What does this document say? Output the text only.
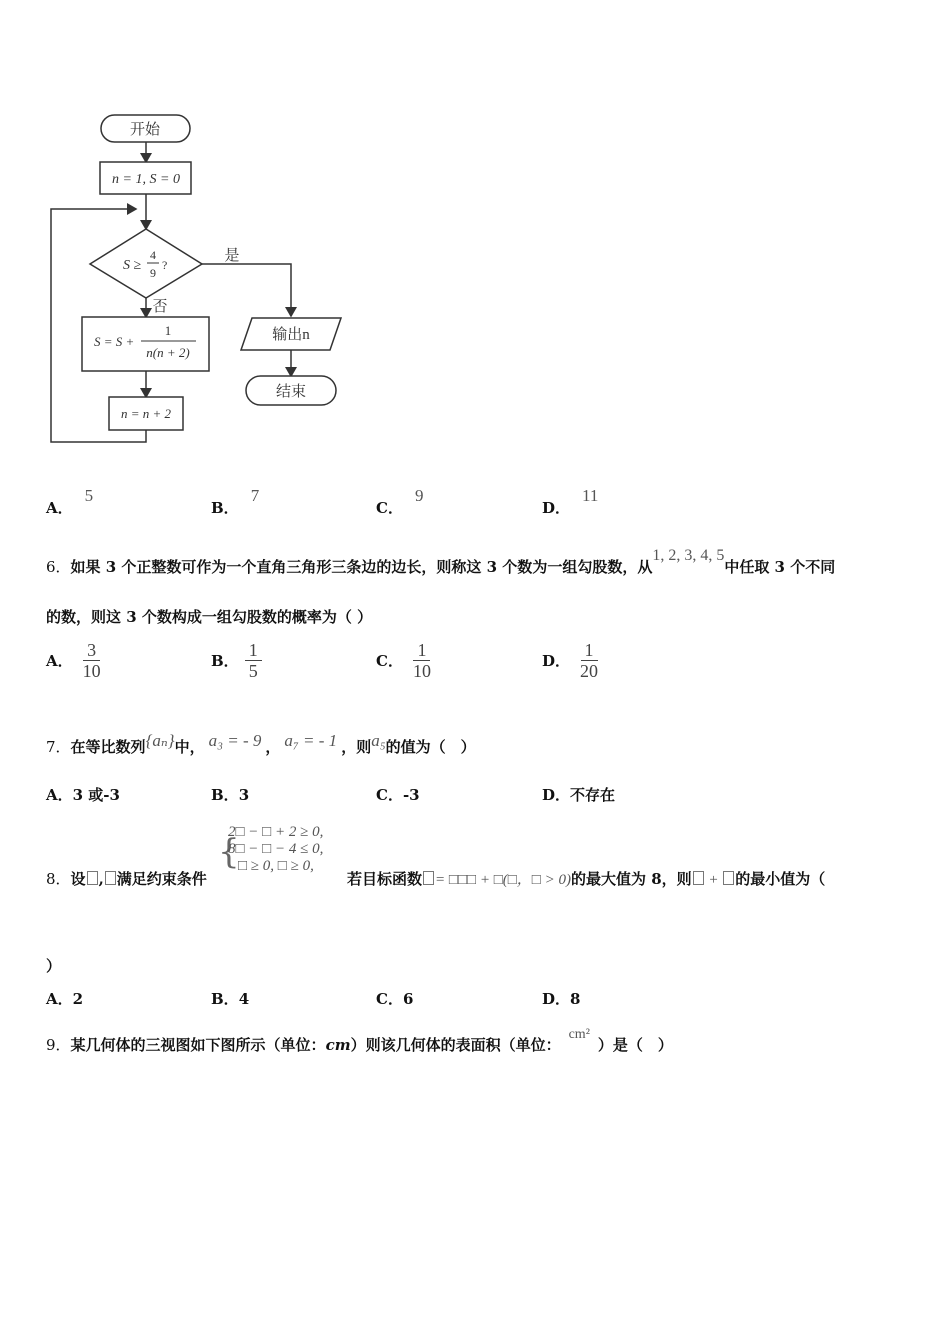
开始
n = 1, S = 0
S ≥
4
9
?
是
否
S = S +
1
n(n + 2)
n = n + 2
输出n
结束
A．5
B．7
C．9
D．11
6．如果 3 个正整数可作为一个直角三角形三条边的边长，则称这 3 个数为一组勾股数，从1, 2, 3, 4, 5中任取 3 个不同
的数，则这 3 个数构成一组勾股数的概率为（ ）
A． $\frac{3}{10}$	B． $\frac{1}{5}$	C． $\frac{1}{10}$	D． $\frac{1}{20}$
7．在等比数列{aₙ}中， a₃ = - 9 ， a₇ = - 1 ，则a₅的值为（　）
A．3 或-3	B．3	C．-3	D．不存在
8．设 , 满足约束条件
{
2□ − □ + 2 ≥ 0,
8□ − □ − 4 ≤ 0,
□ ≥ 0, □ ≥ 0,
若目标函数 = □□□ + □(□，□ > 0)的最大值为 8，则 + 的最小值为（
）
A．2	B．4	C．6	D．8
9．某几何体的三视图如下图所示（单位：cm）则该几何体的表面积（单位：cm²）是（　）
